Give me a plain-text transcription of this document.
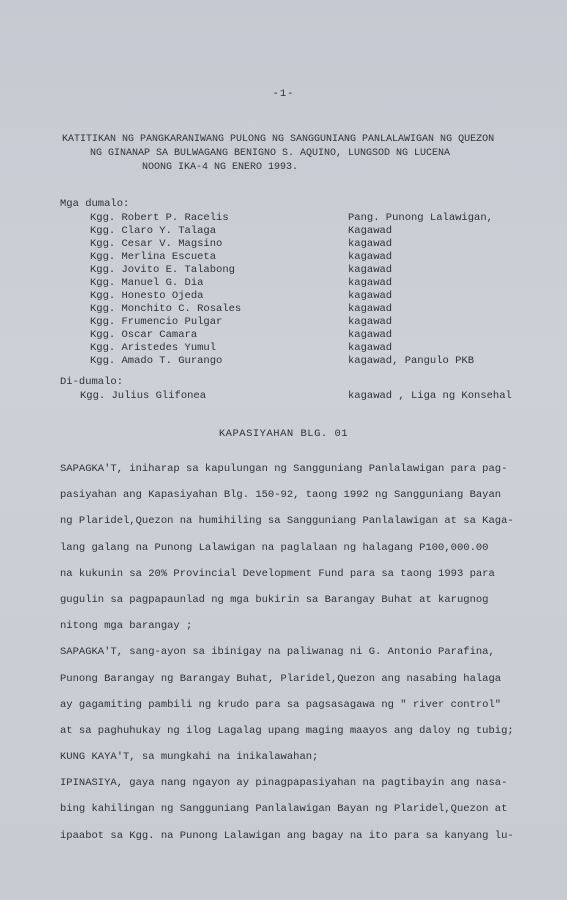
-1-
KATITIKAN NG PANGKARANIWANG PULONG NG SANGGUNIANG PANLALAWIGAN NG QUEZON
NG GINANAP SA BULWAGANG BENIGNO S. AQUINO, LUNGSOD NG LUCENA
NOONG IKA-4 NG ENERO 1993.
Mga dumalo:
Kgg. Robert P. Racelis	Pang. Punong Lalawigan,
Kgg. Claro Y. Talaga	Kagawad
Kgg. Cesar V. Magsino	kagawad
Kgg. Merlina Escueta	kagawad
Kgg. Jovito E. Talabong	kagawad
Kgg. Manuel G. Dia	kagawad
Kgg. Honesto Ojeda	kagawad
Kgg. Monchito C. Rosales	kagawad
Kgg. Frumencio Pulgar	kagawad
Kgg. Oscar Camara	kagawad
Kgg. Aristedes Yumul	kagawad
Kgg. Amado T. Gurango	kagawad, Pangulo PKB
Di-dumalo:
Kgg. Julius Glifonea	kagawad , Liga ng Konsehal
KAPASIYAHAN BLG. 01
SAPAGKA'T, iniharap sa kapulungan ng Sangguniang Panlalawigan para pag-
pasiyahan ang Kapasiyahan Blg. 150-92, taong 1992 ng Sangguniang Bayan
ng Plaridel,Quezon na humihiling sa Sangguniang Panlalawigan at sa Kaga-
lang galang na Punong Lalawigan na paglalaan ng halagang P100,000.00
na kukunin sa 20% Provincial Development Fund para sa taong 1993 para
gugulin sa pagpapaunlad ng mga bukirin sa Barangay Buhat at karugnog
nitong mga barangay ;
SAPAGKA'T, sang-ayon sa ibinigay na paliwanag ni G. Antonio Parafina,
Punong Barangay ng Barangay Buhat, Plaridel,Quezon ang nasabing halaga
ay gagamiting pambili ng krudo para sa pagsasagawa ng " river control"
at sa paghuhukay ng ilog Lagalag upang maging maayos ang daloy ng tubig;
KUNG KAYA'T, sa mungkahi na inikalawahan;
IPINASIYA, gaya nang ngayon ay pinagpapasiyahan na pagtibayin ang nasa-
bing kahilingan ng Sangguniang Panlalawigan Bayan ng Plaridel,Quezon at
ipaabot sa Kgg. na Punong Lalawigan ang bagay na ito para sa kanyang lu-
